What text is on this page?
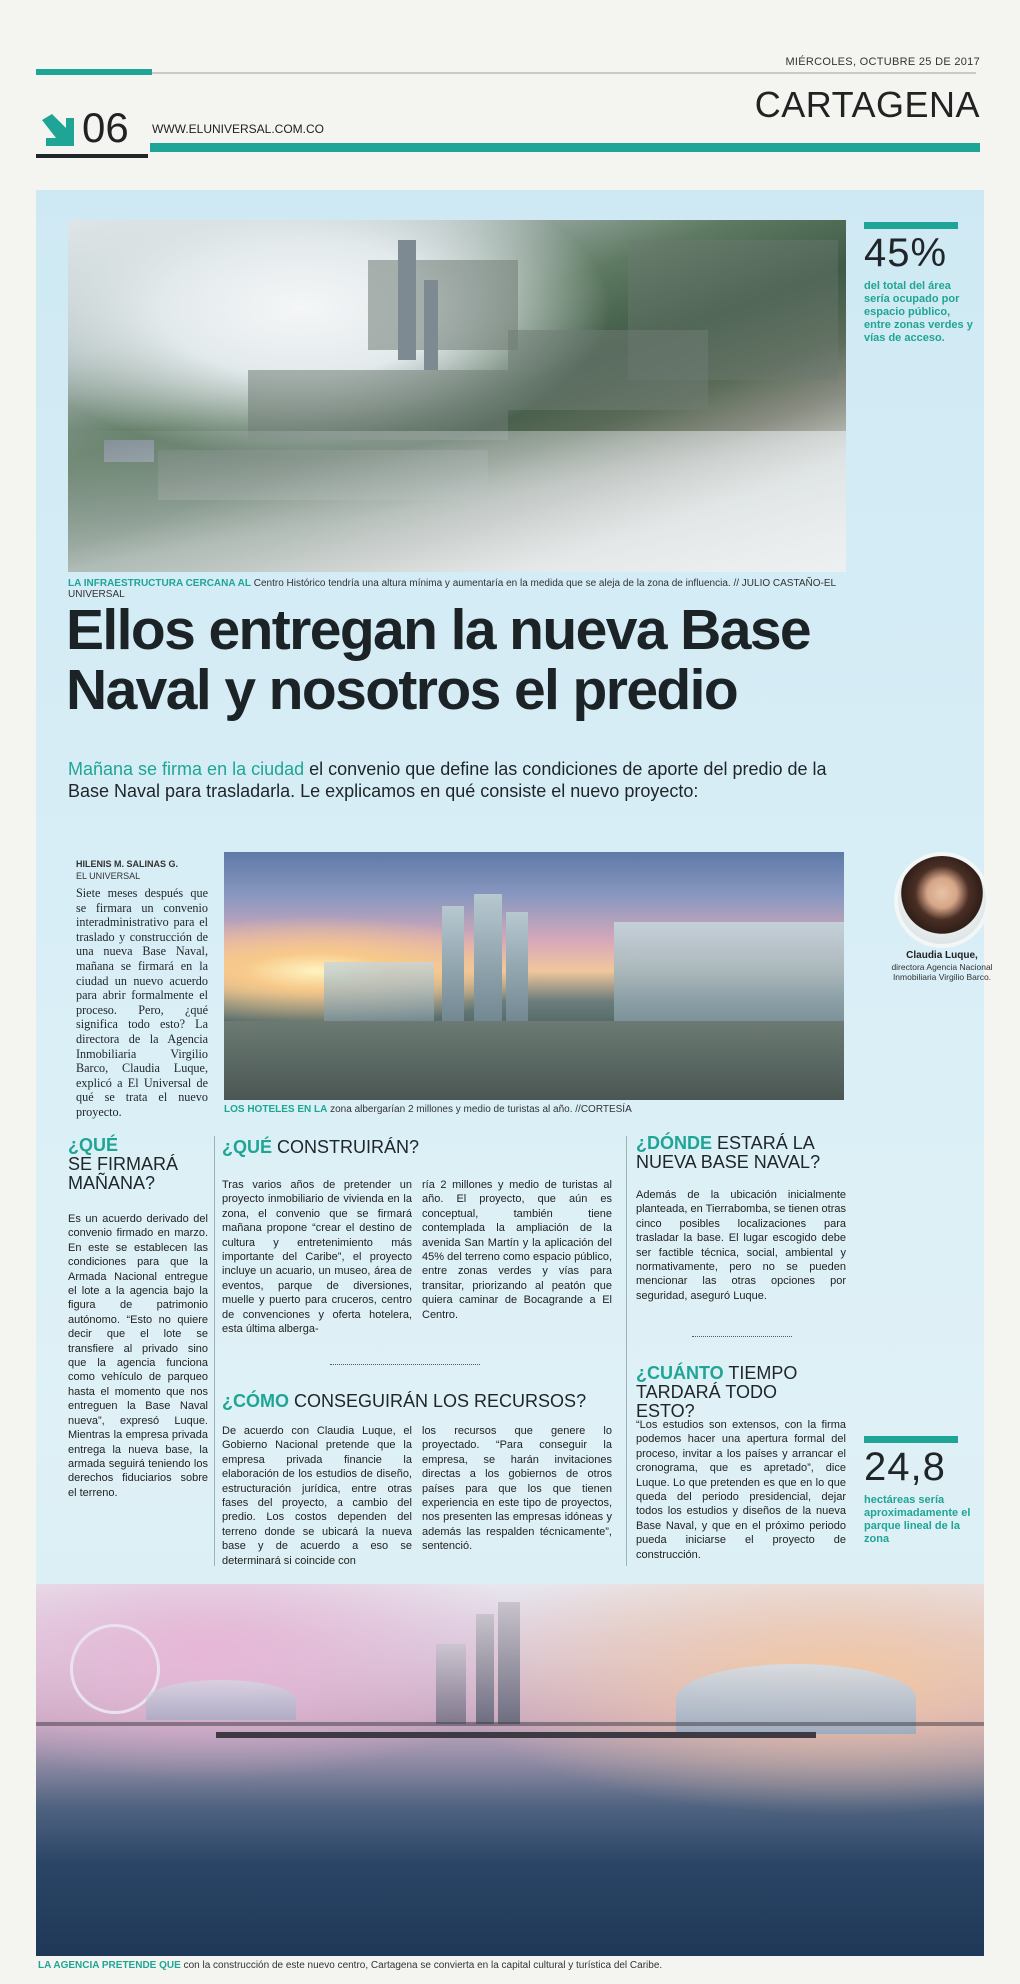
MIÉRCOLES, OCTUBRE 25 DE 2017
CARTAGENA
06 WWW.ELUNIVERSAL.COM.CO
LA INFRAESTRUCTURA CERCANA AL Centro Histórico tendría una altura mínima y aumentaría en la medida que se aleja de la zona de influencia. // JULIO CASTAÑO-EL UNIVERSAL
45%
del total del área sería ocupado por espacio público, entre zonas verdes y vías de acceso.
Ellos entregan la nueva Base Naval y nosotros el predio

Mañana se firma en la ciudad el convenio que define las condiciones de aporte del predio de la Base Naval para trasladarla. Le explicamos en qué consiste el nuevo proyecto:

HILENIS M. SALINAS G.
EL UNIVERSAL

Siete meses después que se firmara un convenio interadministrativo para el traslado y construcción de una nueva Base Naval, mañana se firmará en la ciudad un nuevo acuerdo para abrir formalmente el proceso. Pero, ¿qué significa todo esto? La directora de la Agencia Inmobiliaria Virgilio Barco, Claudia Luque, explicó a El Universal de qué se trata el nuevo proyecto.	LOS HOTELES EN LA zona albergarían 2 millones y medio de turistas al año. //CORTESÍA
Claudia Luque,
directora Agencia Nacional Inmobiliaria Virgilio Barco.
¿QUÉ
SE FIRMARÁ MAÑANA?

Es un acuerdo derivado del convenio firmado en marzo. En este se establecen las condiciones para que la Armada Nacional entregue el lote a la agencia bajo la figura de patrimonio autónomo. “Esto no quiere decir que el lote se transfiere al privado sino que la agencia funciona como vehículo de parqueo hasta el momento que nos entreguen la Base Naval nueva”, expresó Luque. Mientras la empresa privada entrega la nueva base, la armada seguirá teniendo los derechos fiduciarios sobre el terreno.

¿QUÉ CONSTRUIRÁN?

Tras varios años de pretender un proyecto inmobiliario de vivienda en la zona, el convenio que se firmará mañana propone “crear el destino de cultura y entretenimiento más importante del Caribe”, el proyecto incluye un acuario, un museo, área de eventos, parque de diversiones, muelle y puerto para cruceros, centro de convenciones y oferta hotelera, esta última alberga-

ría 2 millones y medio de turistas al año. El proyecto, que aún es conceptual, también tiene contemplada la ampliación de la avenida San Martín y la aplicación del 45% del terreno como espacio público, entre zonas verdes y vías para transitar, priorizando al peatón que quiera caminar de Bocagrande a El Centro.

¿CÓMO CONSEGUIRÁN LOS RECURSOS?

De acuerdo con Claudia Luque, el Gobierno Nacional pretende que la empresa privada financie la elaboración de los estudios de diseño, estructuración jurídica, entre otras fases del proyecto, a cambio del predio. Los costos dependen del terreno donde se ubicará la nueva base y de acuerdo a eso se determinará si coincide con

los recursos que genere lo proyectado. “Para conseguir la empresa, se harán invitaciones directas a los gobiernos de otros países para que los que tienen experiencia en este tipo de proyectos, nos presenten las empresas idóneas y además las respalden técnicamente”, sentenció.

¿DÓNDE ESTARÁ LA NUEVA BASE NAVAL?

Además de la ubicación inicialmente planteada, en Tierrabomba, se tienen otras cinco posibles localizaciones para trasladar la base. El lugar escogido debe ser factible técnica, social, ambiental y normativamente, pero no se pueden mencionar las otras opciones por seguridad, aseguró Luque.

¿CUÁNTO TIEMPO TARDARÁ TODO ESTO?

“Los estudios son extensos, con la firma podemos hacer una apertura formal del proceso, invitar a los países y arrancar el cronograma, que es apretado”, dice Luque. Lo que pretenden es que en lo que queda del periodo presidencial, dejar todos los estudios y diseños de la nueva Base Naval, y que en el próximo periodo pueda iniciarse el proyecto de construcción.

24,8
hectáreas sería aproximadamente el parque lineal de la zona
LA AGENCIA PRETENDE QUE con la construcción de este nuevo centro, Cartagena se convierta en la capital cultural y turística del Caribe.
